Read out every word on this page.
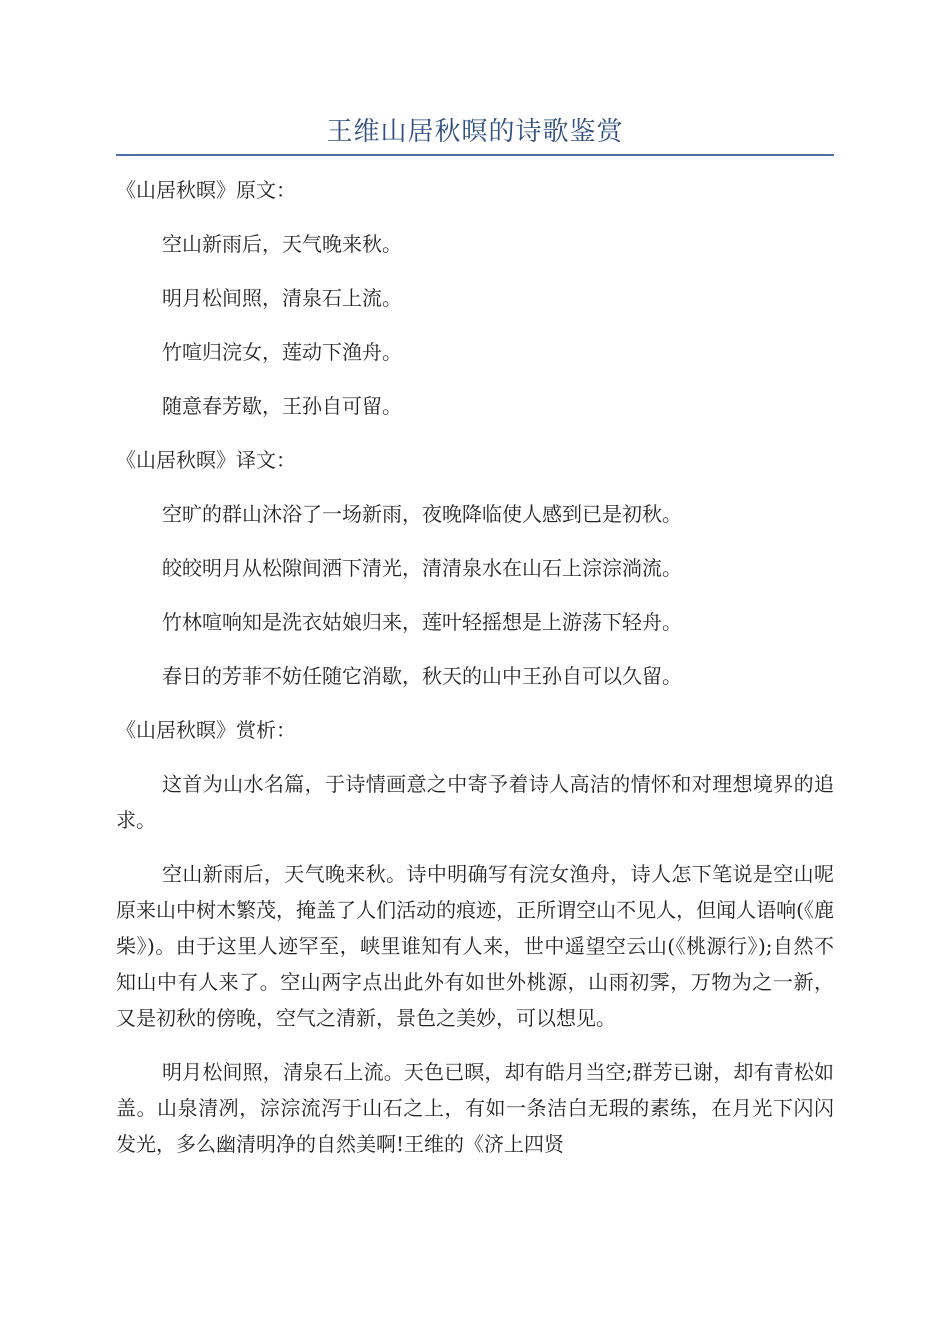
王维山居秋暝的诗歌鉴赏
《山居秋暝》原文：
空山新雨后，天气晚来秋。
明月松间照，清泉石上流。
竹喧归浣女，莲动下渔舟。
随意春芳歇，王孙自可留。
《山居秋暝》译文：
空旷的群山沐浴了一场新雨，夜晚降临使人感到已是初秋。
皎皎明月从松隙间洒下清光，清清泉水在山石上淙淙淌流。
竹林喧响知是洗衣姑娘归来，莲叶轻摇想是上游荡下轻舟。
春日的芳菲不妨任随它消歇，秋天的山中王孙自可以久留。
《山居秋暝》赏析：
这首为山水名篇，于诗情画意之中寄予着诗人高洁的情怀和对理想境界的追求。
空山新雨后，天气晚来秋。诗中明确写有浣女渔舟，诗人怎下笔说是空山呢原来山中树木繁茂，掩盖了人们活动的痕迹，正所谓空山不见人，但闻人语响(《鹿柴》)。由于这里人迹罕至，峡里谁知有人来，世中遥望空云山(《桃源行》);自然不知山中有人来了。空山两字点出此外有如世外桃源，山雨初霁，万物为之一新，又是初秋的傍晚，空气之清新，景色之美妙，可以想见。
明月松间照，清泉石上流。天色已暝，却有皓月当空;群芳已谢，却有青松如盖。山泉清冽，淙淙流泻于山石之上，有如一条洁白无瑕的素练，在月光下闪闪发光，多么幽清明净的自然美啊!王维的《济上四贤
